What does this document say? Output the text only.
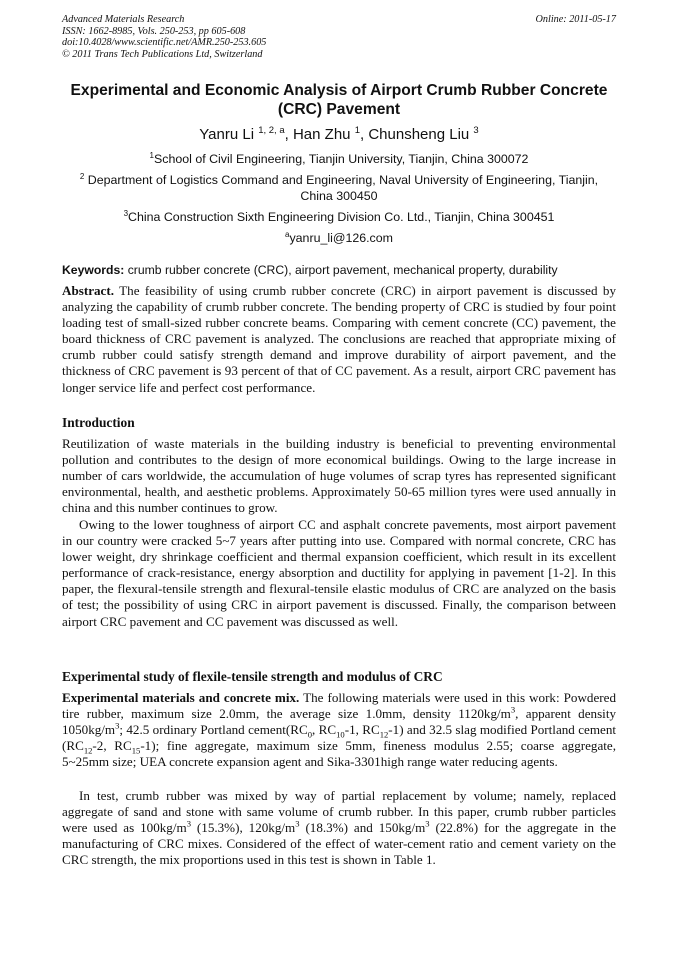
Advanced Materials Research
ISSN: 1662-8985, Vols. 250-253, pp 605-608
doi:10.4028/www.scientific.net/AMR.250-253.605
© 2011 Trans Tech Publications Ltd, Switzerland
Online: 2011-05-17
Experimental and Economic Analysis of Airport Crumb Rubber Concrete (CRC) Pavement
Yanru Li $^{1, 2, a}$, Han Zhu $^1$, Chunsheng Liu $^3$
$^1$School of Civil Engineering, Tianjin University, Tianjin, China 300072
$^2$ Department of Logistics Command and Engineering, Naval University of Engineering, Tianjin, China 300450
$^3$China Construction Sixth Engineering Division Co. Ltd., Tianjin, China 300451
$^a$yanru_li@126.com
Keywords: crumb rubber concrete (CRC), airport pavement, mechanical property, durability
Abstract. The feasibility of using crumb rubber concrete (CRC) in airport pavement is discussed by analyzing the capability of crumb rubber concrete. The bending property of CRC is studied by four point loading test of small-sized rubber concrete beams. Comparing with cement concrete (CC) pavement, the board thickness of CRC pavement is analyzed. The conclusions are reached that appropriate mixing of crumb rubber could satisfy strength demand and improve durability of airport pavement, and the thickness of CRC pavement is 93 percent of that of CC pavement. As a result, airport CRC pavement has longer service life and perfect cost performance.
Introduction
Reutilization of waste materials in the building industry is beneficial to preventing environmental pollution and contributes to the design of more economical buildings. Owing to the large increase in number of cars worldwide, the accumulation of huge volumes of scrap tyres has represented significant environmental, health, and aesthetic problems. Approximately 50-65 million tyres were used annually in china and this number continues to grow.
Owing to the lower toughness of airport CC and asphalt concrete pavements, most airport pavement in our country were cracked 5~7 years after putting into use. Compared with normal concrete, CRC has lower weight, dry shrinkage coefficient and thermal expansion coefficient, which result in its excellent performance of crack-resistance, energy absorption and ductility for applying in pavement [1-2]. In this paper, the flexural-tensile strength and flexural-tensile elastic modulus of CRC are analyzed on the basis of test; the possibility of using CRC in airport pavement is discussed. Finally, the comparison between airport CRC pavement and CC pavement was discussed as well.
Experimental study of flexile-tensile strength and modulus of CRC
Experimental materials and concrete mix. The following materials were used in this work: Powdered tire rubber, maximum size 2.0mm, the average size 1.0mm, density $1120kg/m^3$, apparent density $1050kg/m^3$; 42.5 ordinary Portland $cement(RC_0$, $RC_{10}-1$, $RC_{12}-1$) and 32.5 slag modified Portland cement ($RC_{12}-2$, $RC_{15}-1$); fine aggregate, maximum size 5mm, fineness modulus 2.55; coarse aggregate, 5~25mm size; UEA concrete expansion agent and Sika-3301high range water reducing agents.
In test, crumb rubber was mixed by way of partial replacement by volume; namely, replaced aggregate of sand and stone with same volume of crumb rubber. In this paper, crumb rubber particles were used as $100kg/m^3$ (15.3%), $120kg/m^3$ (18.3%) and $150kg/m^3$ (22.8%) for the aggregate in the manufacturing of CRC mixes. Considered of the effect of water-cement ratio and cement variety on the CRC strength, the mix proportions used in this test is shown in Table 1.
